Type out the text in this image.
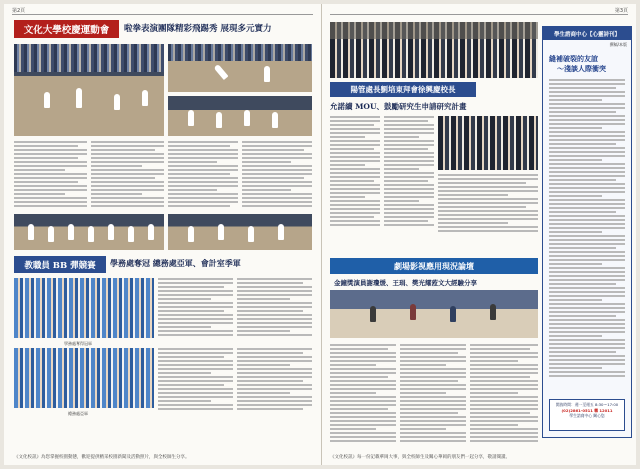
第2頁
文化大學校慶運動會	啦拳表演團隊精彩飛踢秀 展現多元實力
教職員 BB 彈競賽	學務處奪冠 總務處亞軍、會計室季軍
學務處奪得冠軍
總務處亞軍
《文化校訊》為您掌握校園動態，歡迎提供精采校園新聞及活動照片，與全校師生分享。
第3頁
陽管處長劉培東拜會徐興慶校長
允諾續 MOU、鼓勵研究生申請研究計畫
劇場影視應用現況論壇
金鐘獎演員謝瓊煖、王琄、樊光耀蒞文大經驗分享
學生諮商中心【心靈詩刊】
撰稿/本版
縫補破裂的友誼
～淺談人際衝突
開放時間：週一至週五 8:30～17:00
(02)2861-0511 轉 12011
學生諮商中心 關心您
《文化校訊》每一份記載華岡大事，與全校師生及關心華岡的朋友們一起分享，敬請閱讀。
